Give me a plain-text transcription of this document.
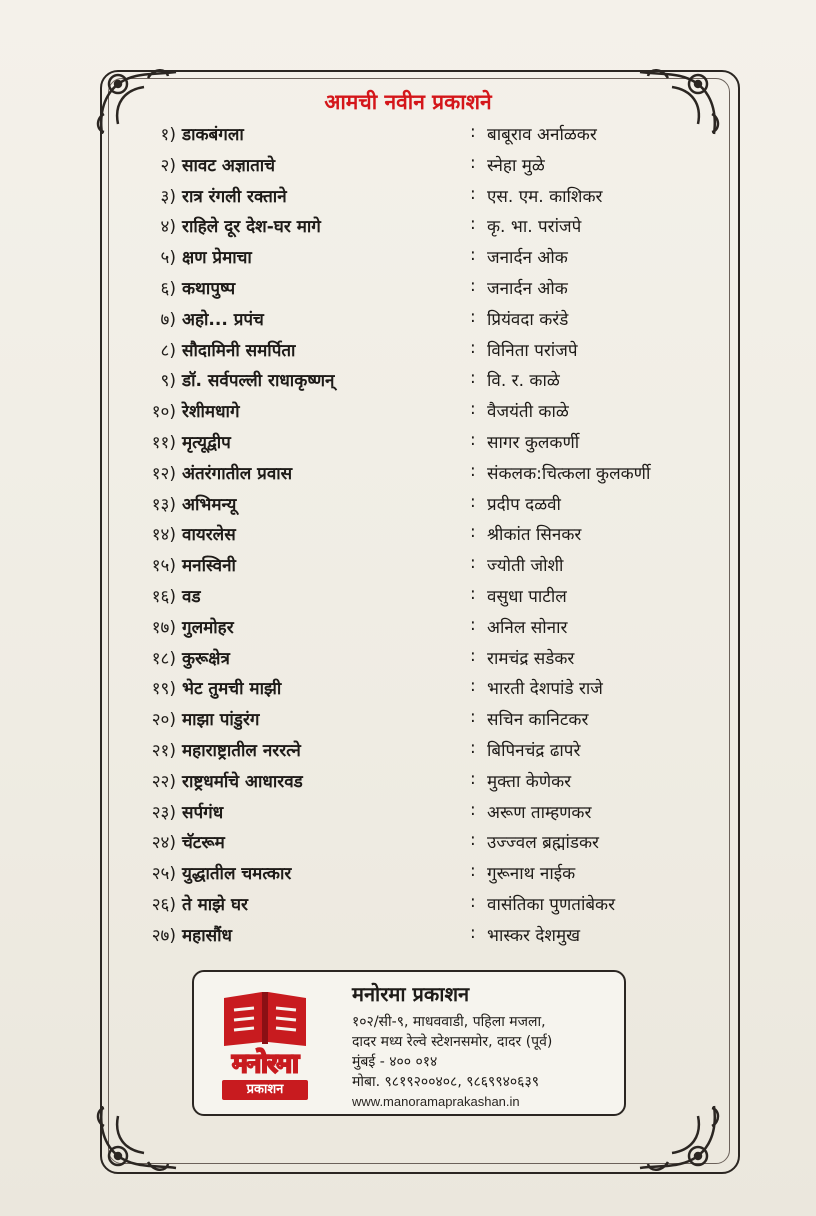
आमची नवीन प्रकाशने
१) डाकबंगला	: बाबूराव अर्नाळकर
२) सावट अज्ञाताचे	: स्नेहा मुळे
३) रात्र रंगली रक्ताने	: एस. एम. काशिकर
४) राहिले दूर देश-घर मागे	: कृ. भा. परांजपे
५) क्षण प्रेमाचा	: जनार्दन ओक
६) कथापुष्प	: जनार्दन ओक
७) अहो... प्रपंच	: प्रियंवदा करंडे
८) सौदामिनी समर्पिता	: विनिता परांजपे
९) डॉ. सर्वपल्ली राधाकृष्णन्	: वि. र. काळे
१०) रेशीमधागे	: वैजयंती काळे
११) मृत्यूद्वीप	: सागर कुलकर्णी
१२) अंतरंगातील प्रवास	: संकलक:चित्कला कुलकर्णी
१३) अभिमन्यू	: प्रदीप दळवी
१४) वायरलेस	: श्रीकांत सिनकर
१५) मनस्विनी	: ज्योती जोशी
१६) वड	: वसुधा पाटील
१७) गुलमोहर	: अनिल सोनार
१८) कुरूक्षेत्र	: रामचंद्र सडेकर
१९) भेट तुमची माझी	: भारती देशपांडे राजे
२०) माझा पांडुरंग	: सचिन कानिटकर
२१) महाराष्ट्रातील नररत्ने	: बिपिनचंद्र ढापरे
२२) राष्ट्रधर्माचे आधारवड	: मुक्ता केणेकर
२३) सर्पगंध	: अरूण ताम्हणकर
२४) चॅटरूम	: उज्ज्वल ब्रह्मांडकर
२५) युद्धातील चमत्कार	: गुरूनाथ नाईक
२६) ते माझे घर	: वासंतिका पुणतांबेकर
२७) महासौंध	: भास्कर देशमुख
मनोरमा
प्रकाशन
मनोरमा प्रकाशन
१०२/सी-९, माधववाडी, पहिला मजला,
दादर मध्य रेल्वे स्टेशनसमोर, दादर (पूर्व)
मुंबई - ४०० ०१४
मोबा. ९८१९२००४०८, ९८६९९४०६३९
www.manoramaprakashan.in
